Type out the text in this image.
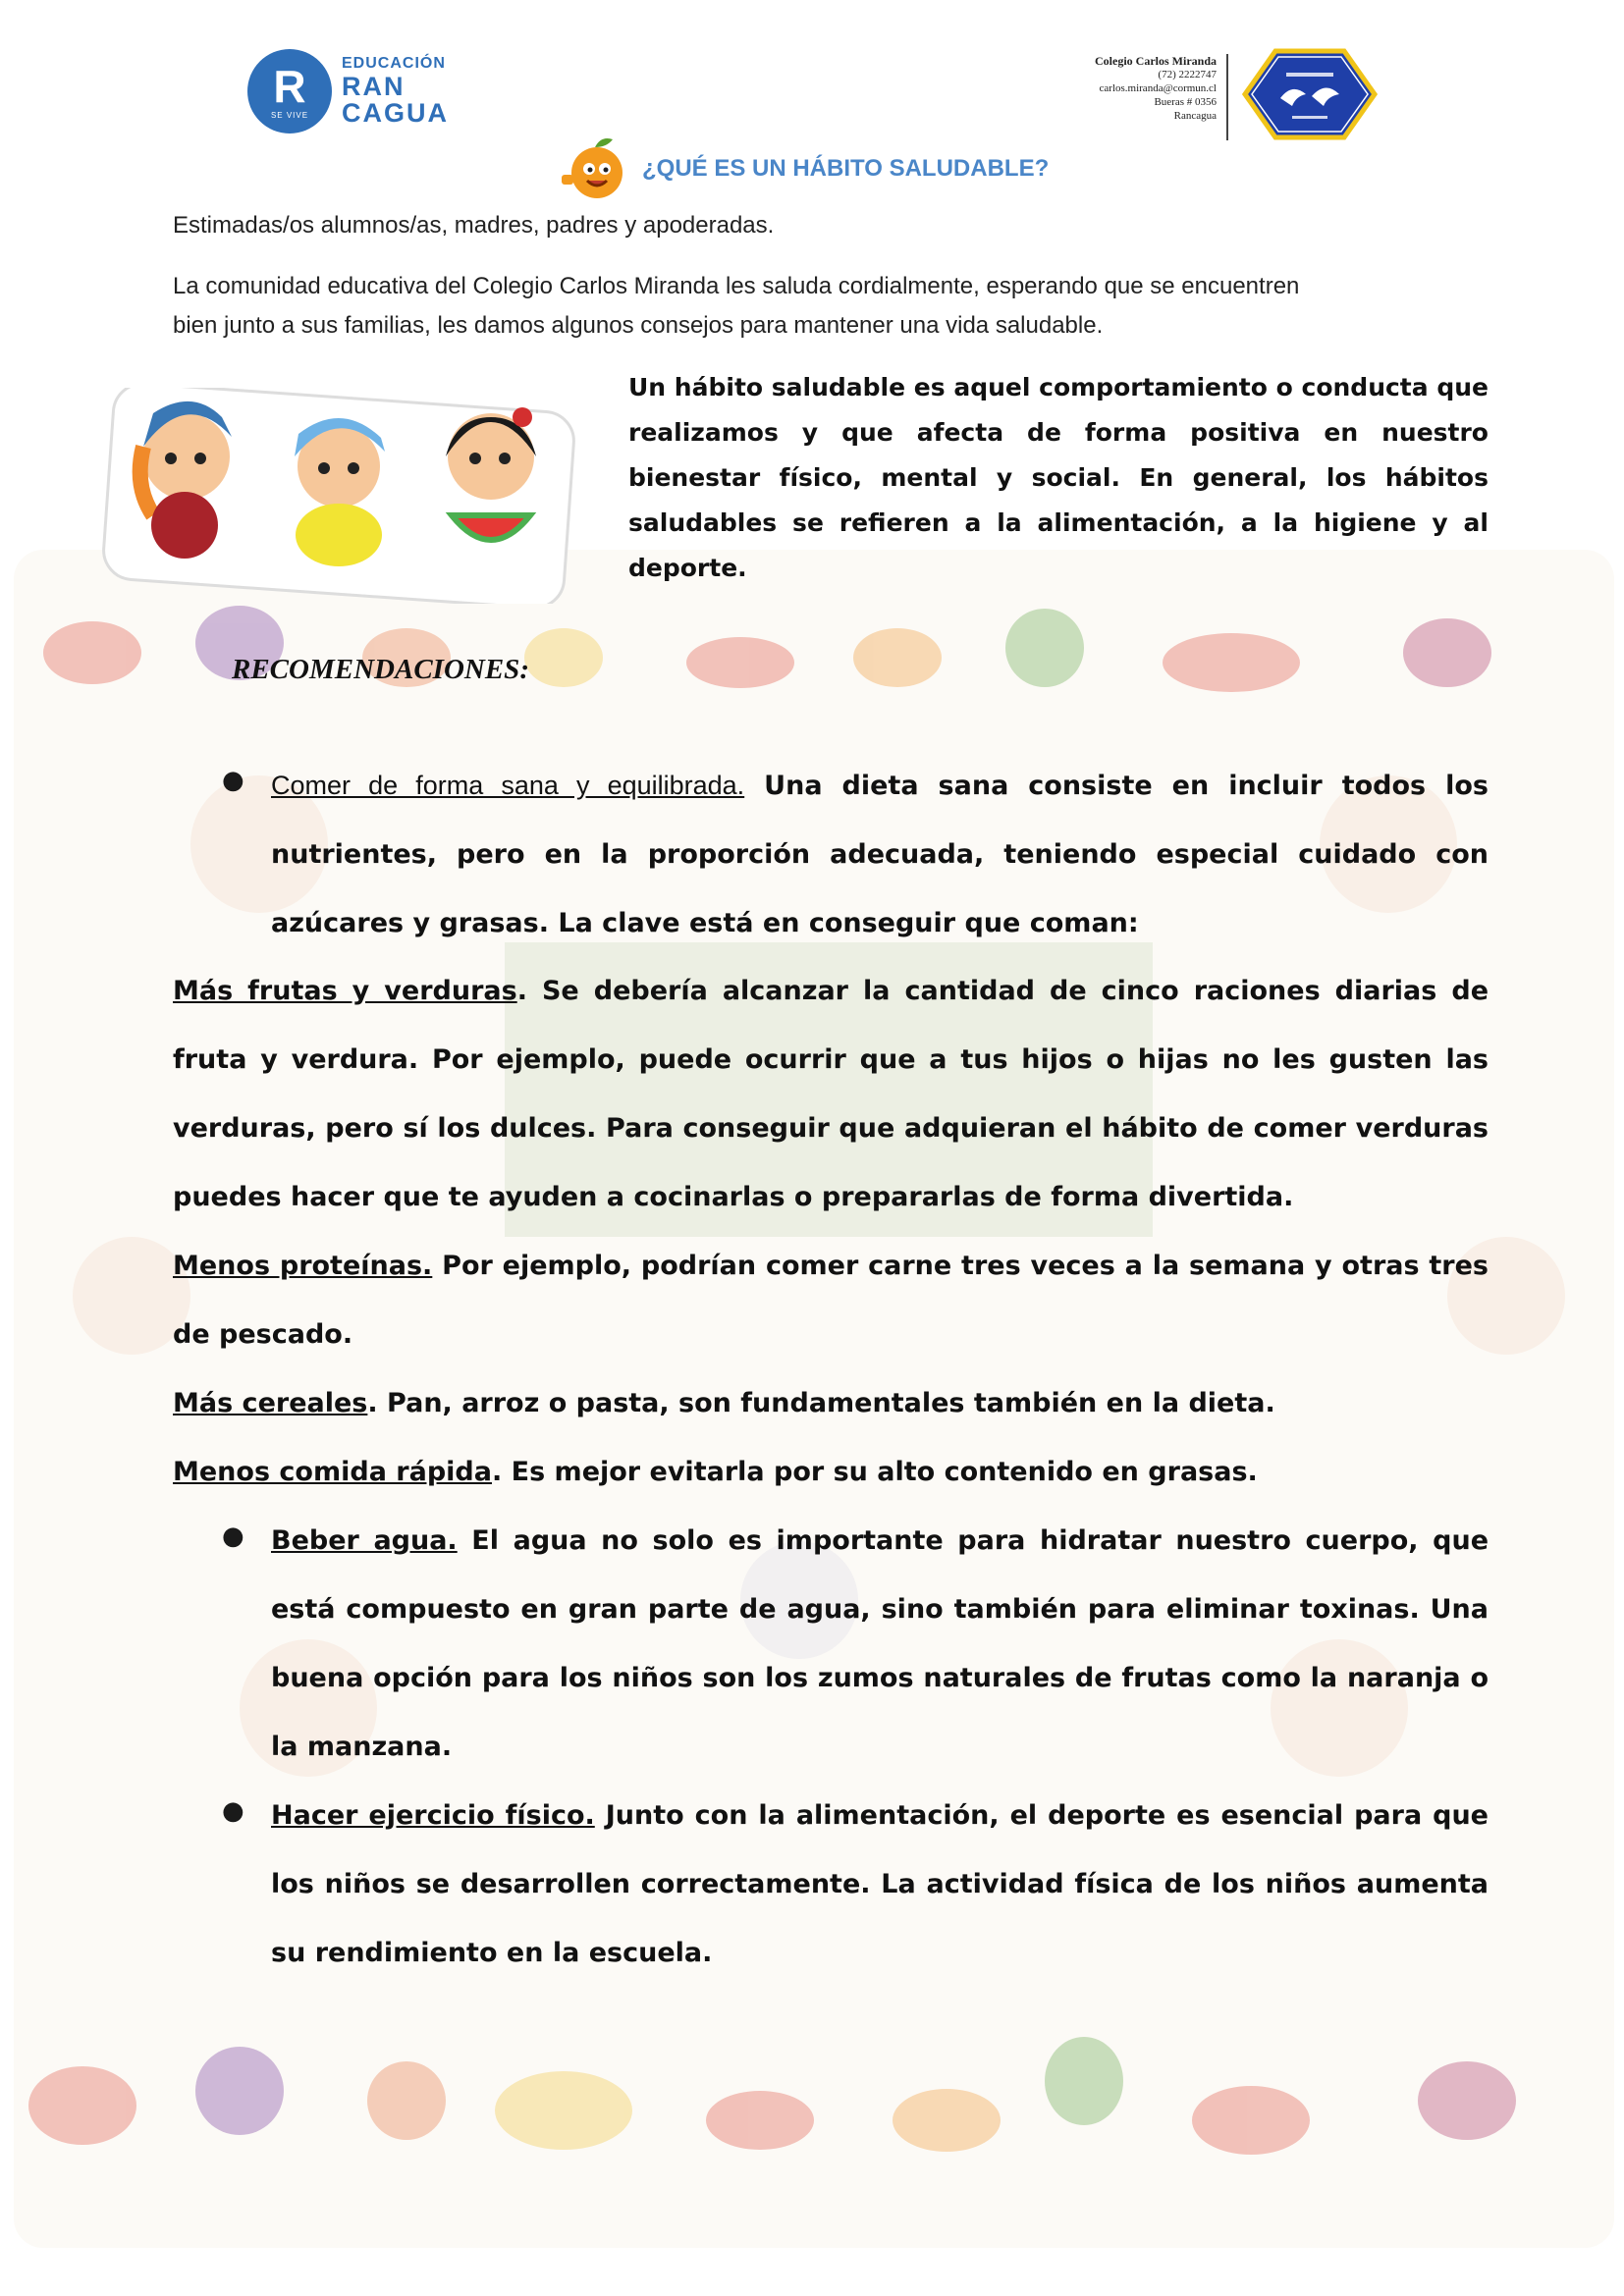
R
SE VIVE
EDUCACIÓN
RAN
CAGUA
Colegio Carlos Miranda
(72) 2222747
carlos.miranda@cormun.cl
Bueras # 0356
Rancagua
¿QUÉ ES UN HÁBITO SALUDABLE?
Estimadas/os alumnos/as, madres, padres y apoderadas.
La comunidad educativa del Colegio Carlos Miranda les saluda cordialmente, esperando que se encuentren
bien junto a sus familias, les damos algunos consejos para mantener una vida saludable.
Un hábito saludable es aquel comportamiento o conducta que realizamos y que afecta de forma positiva en nuestro bienestar físico, mental y social. En general, los hábitos saludables se refieren a la alimentación, a la higiene y al deporte.
RECOMENDACIONES:
● Comer de forma sana y equilibrada. Una dieta sana consiste en incluir todos los nutrientes, pero en la proporción adecuada, teniendo especial cuidado con azúcares y grasas. La clave está en conseguir que coman:
Más frutas y verduras. Se debería alcanzar la cantidad de cinco raciones diarias de fruta y verdura. Por ejemplo, puede ocurrir que a tus hijos o hijas no les gusten las verduras, pero sí los dulces. Para conseguir que adquieran el hábito de comer verduras puedes hacer que te ayuden a cocinarlas o prepararlas de forma divertida.
Menos proteínas. Por ejemplo, podrían comer carne tres veces a la semana y otras tres de pescado.
Más cereales. Pan, arroz o pasta, son fundamentales también en la dieta.
Menos comida rápida. Es mejor evitarla por su alto contenido en grasas.
● Beber agua. El agua no solo es importante para hidratar nuestro cuerpo, que está compuesto en gran parte de agua, sino también para eliminar toxinas. Una buena opción para los niños son los zumos naturales de frutas como la naranja o la manzana.
● Hacer ejercicio físico. Junto con la alimentación, el deporte es esencial para que los niños se desarrollen correctamente. La actividad física de los niños aumenta su rendimiento en la escuela.
